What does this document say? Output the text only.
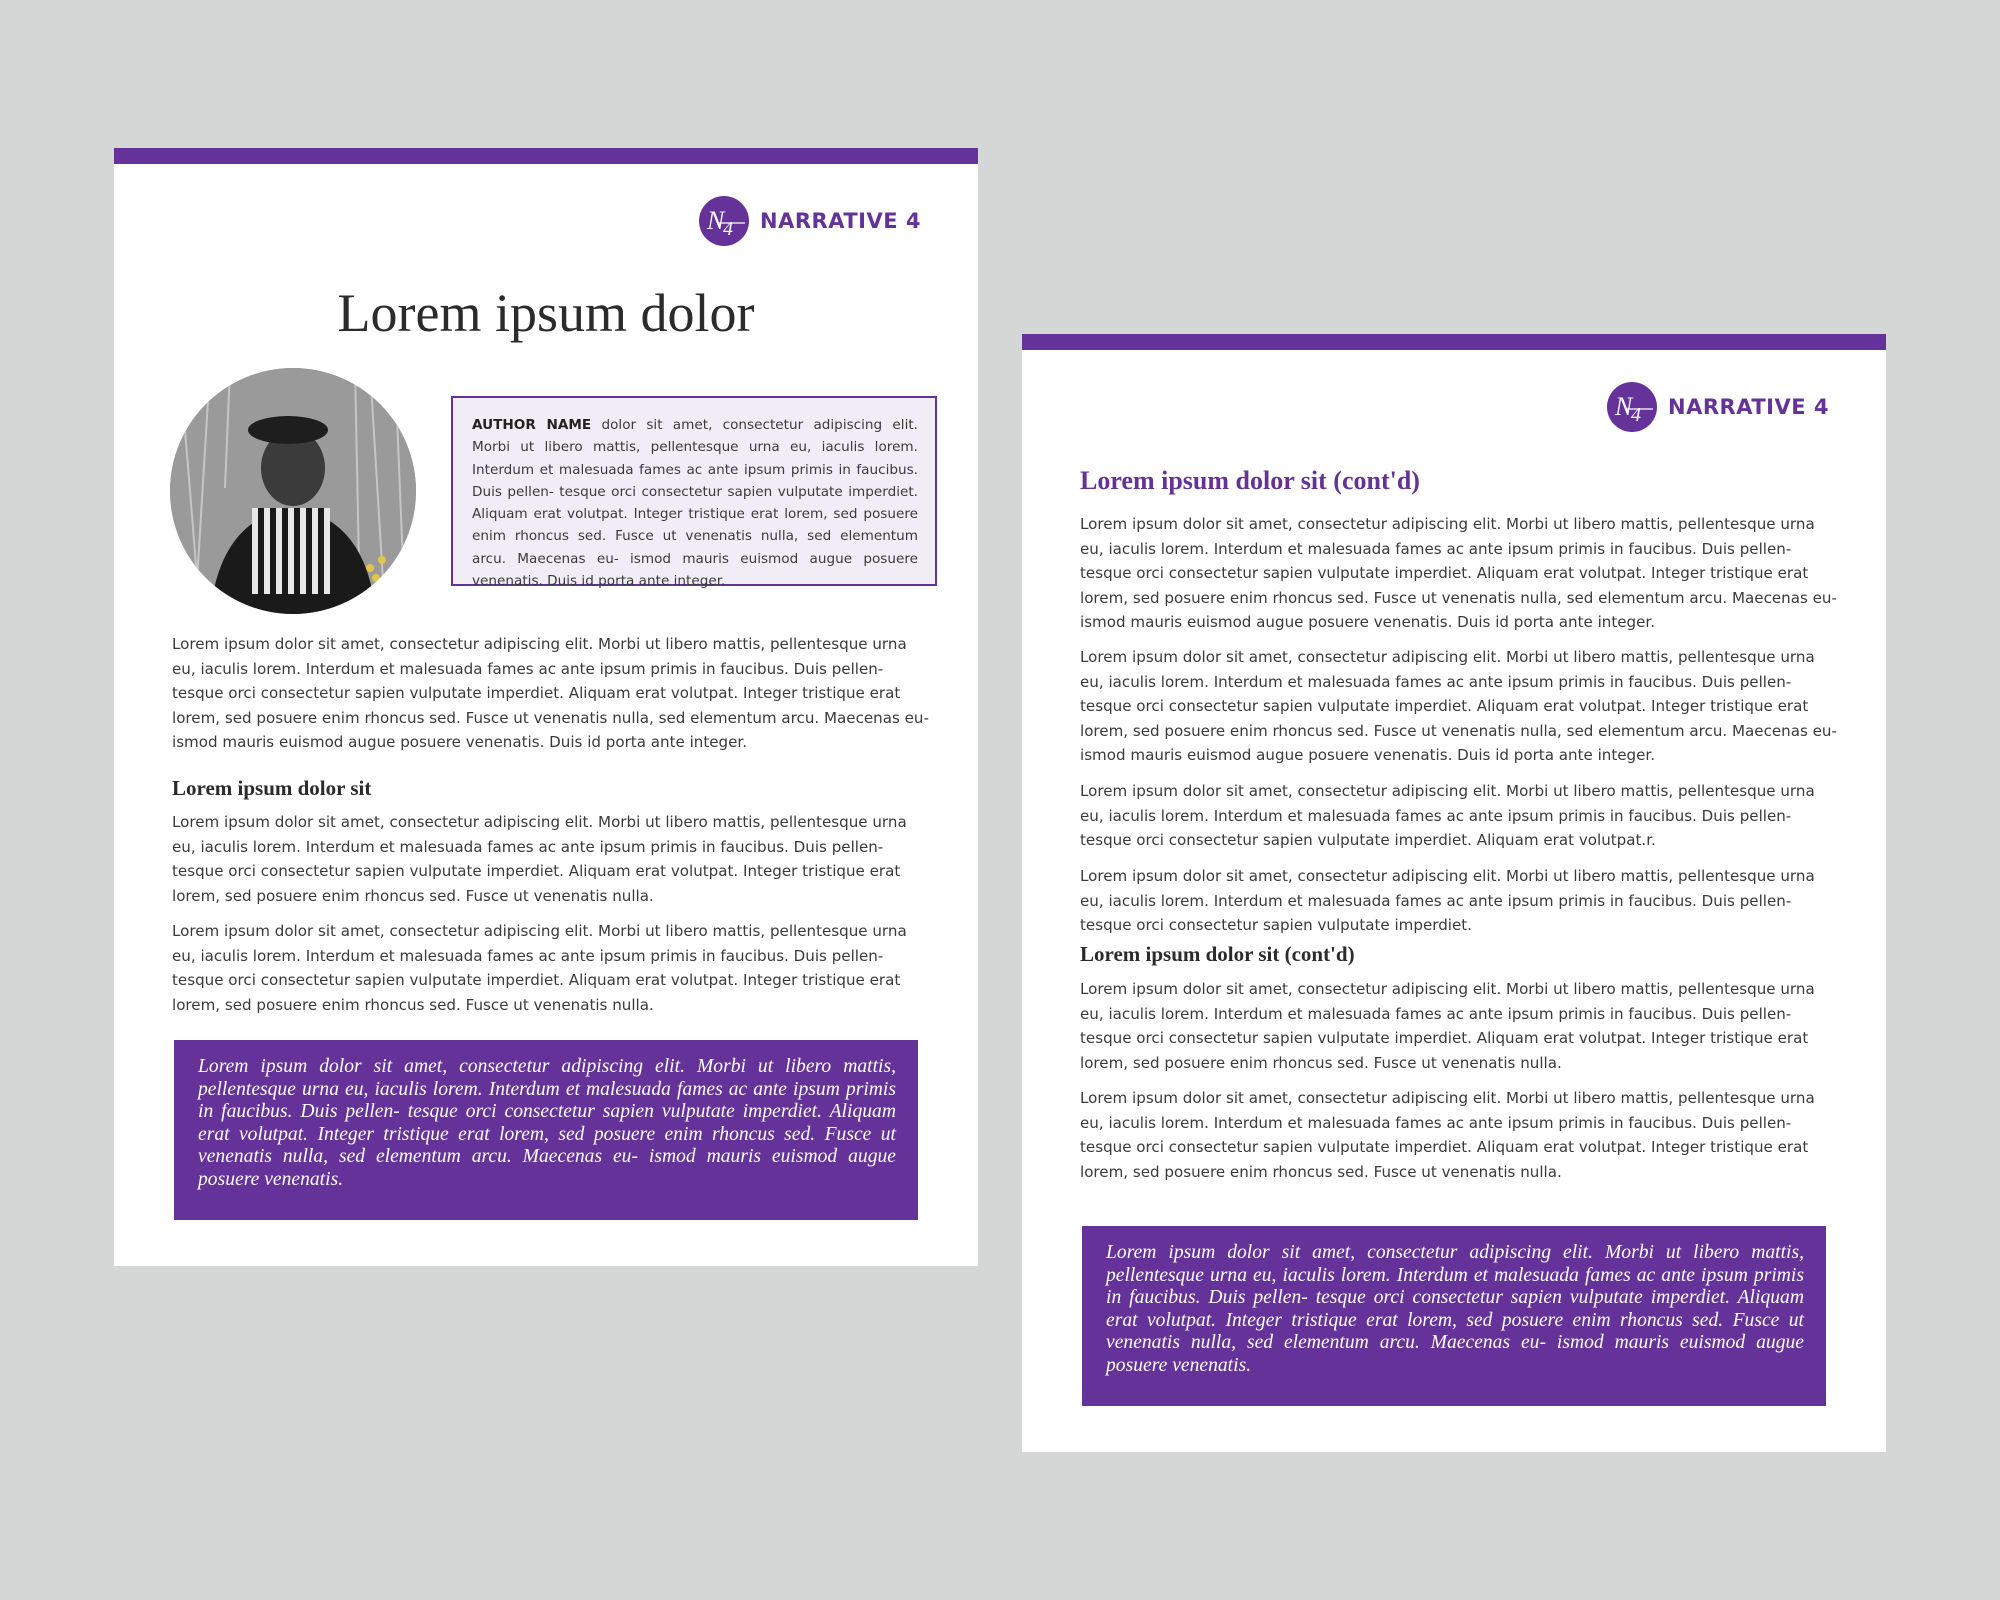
N
4 NARRATIVE 4
Lorem ipsum dolor
AUTHOR NAME dolor sit amet, consectetur adipiscing elit. Morbi ut libero mattis, pellentesque urna eu, iaculis lorem. Interdum et malesuada fames ac ante ipsum primis in faucibus. Duis pellen- tesque orci consectetur sapien vulputate imperdiet. Aliquam erat volutpat. Integer tristique erat lorem, sed posuere enim rhoncus sed. Fusce ut venenatis nulla, sed elementum arcu. Maecenas eu- ismod mauris euismod augue posuere venenatis. Duis id porta ante integer.

Lorem ipsum dolor sit amet, consectetur adipiscing elit. Morbi ut libero mattis, pellentesque urna eu, iaculis lorem. Interdum et malesuada fames ac ante ipsum primis in faucibus. Duis pellen- tesque orci consectetur sapien vulputate imperdiet. Aliquam erat volutpat. Integer tristique erat lorem, sed posuere enim rhoncus sed. Fusce ut venenatis nulla, sed elementum arcu. Maecenas eu- ismod mauris euismod augue posuere venenatis. Duis id porta ante integer.

Lorem ipsum dolor sit

Lorem ipsum dolor sit amet, consectetur adipiscing elit. Morbi ut libero mattis, pellentesque urna eu, iaculis lorem. Interdum et malesuada fames ac ante ipsum primis in faucibus. Duis pellen- tesque orci consectetur sapien vulputate imperdiet. Aliquam erat volutpat. Integer tristique erat lorem, sed posuere enim rhoncus sed. Fusce ut venenatis nulla.

Lorem ipsum dolor sit amet, consectetur adipiscing elit. Morbi ut libero mattis, pellentesque urna eu, iaculis lorem. Interdum et malesuada fames ac ante ipsum primis in faucibus. Duis pellen- tesque orci consectetur sapien vulputate imperdiet. Aliquam erat volutpat. Integer tristique erat lorem, sed posuere enim rhoncus sed. Fusce ut venenatis nulla.

Lorem ipsum dolor sit amet, consectetur adipiscing elit. Morbi ut libero mattis, pellentesque urna eu, iaculis lorem. Interdum et malesuada fames ac ante ipsum primis in faucibus. Duis pellen- tesque orci consectetur sapien vulputate imperdiet. Aliquam erat volutpat. Integer tristique erat lorem, sed posuere enim rhoncus sed. Fusce ut venenatis nulla, sed elementum arcu. Maecenas eu- ismod mauris euismod augue posuere venenatis.
N
4 NARRATIVE 4
Lorem ipsum dolor sit (cont'd)

Lorem ipsum dolor sit amet, consectetur adipiscing elit. Morbi ut libero mattis, pellentesque urna eu, iaculis lorem. Interdum et malesuada fames ac ante ipsum primis in faucibus. Duis pellen- tesque orci consectetur sapien vulputate imperdiet. Aliquam erat volutpat. Integer tristique erat lorem, sed posuere enim rhoncus sed. Fusce ut venenatis nulla, sed elementum arcu. Maecenas eu- ismod mauris euismod augue posuere venenatis. Duis id porta ante integer.

Lorem ipsum dolor sit amet, consectetur adipiscing elit. Morbi ut libero mattis, pellentesque urna eu, iaculis lorem. Interdum et malesuada fames ac ante ipsum primis in faucibus. Duis pellen- tesque orci consectetur sapien vulputate imperdiet. Aliquam erat volutpat. Integer tristique erat lorem, sed posuere enim rhoncus sed. Fusce ut venenatis nulla, sed elementum arcu. Maecenas eu- ismod mauris euismod augue posuere venenatis. Duis id porta ante integer.

Lorem ipsum dolor sit amet, consectetur adipiscing elit. Morbi ut libero mattis, pellentesque urna eu, iaculis lorem. Interdum et malesuada fames ac ante ipsum primis in faucibus. Duis pellen- tesque orci consectetur sapien vulputate imperdiet. Aliquam erat volutpat.r.

Lorem ipsum dolor sit amet, consectetur adipiscing elit. Morbi ut libero mattis, pellentesque urna eu, iaculis lorem. Interdum et malesuada fames ac ante ipsum primis in faucibus. Duis pellen- tesque orci consectetur sapien vulputate imperdiet.

Lorem ipsum dolor sit (cont'd)

Lorem ipsum dolor sit amet, consectetur adipiscing elit. Morbi ut libero mattis, pellentesque urna eu, iaculis lorem. Interdum et malesuada fames ac ante ipsum primis in faucibus. Duis pellen- tesque orci consectetur sapien vulputate imperdiet. Aliquam erat volutpat. Integer tristique erat lorem, sed posuere enim rhoncus sed. Fusce ut venenatis nulla.

Lorem ipsum dolor sit amet, consectetur adipiscing elit. Morbi ut libero mattis, pellentesque urna eu, iaculis lorem. Interdum et malesuada fames ac ante ipsum primis in faucibus. Duis pellen- tesque orci consectetur sapien vulputate imperdiet. Aliquam erat volutpat. Integer tristique erat lorem, sed posuere enim rhoncus sed. Fusce ut venenatis nulla.

Lorem ipsum dolor sit amet, consectetur adipiscing elit. Morbi ut libero mattis, pellentesque urna eu, iaculis lorem. Interdum et malesuada fames ac ante ipsum primis in faucibus. Duis pellen- tesque orci consectetur sapien vulputate imperdiet. Aliquam erat volutpat. Integer tristique erat lorem, sed posuere enim rhoncus sed. Fusce ut venenatis nulla, sed elementum arcu. Maecenas eu- ismod mauris euismod augue posuere venenatis.
